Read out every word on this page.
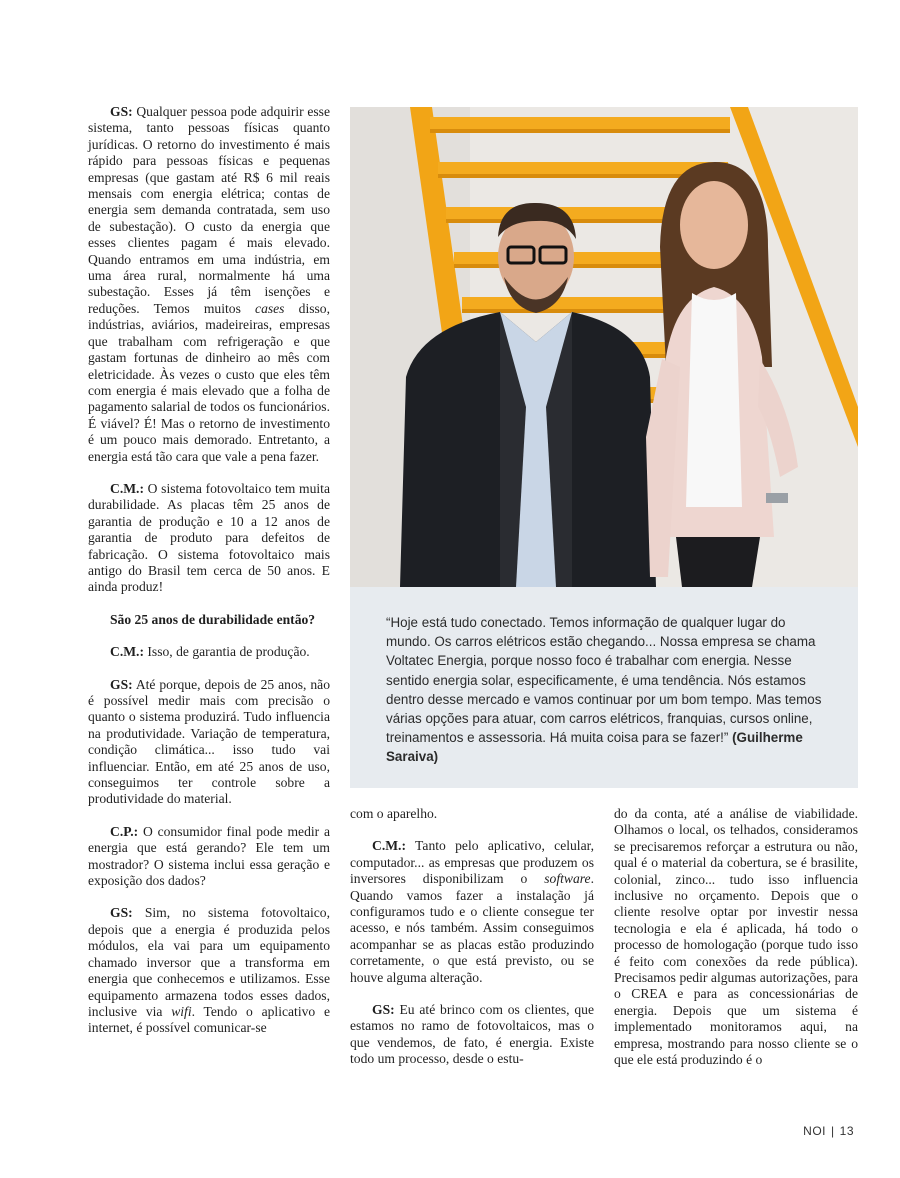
GS: Qualquer pessoa pode adquirir esse sistema, tanto pessoas físicas quanto jurídicas. O retorno do investimento é mais rápido para pessoas físicas e pequenas empresas (que gastam até R$ 6 mil reais mensais com energia elétrica; contas de energia sem demanda contratada, sem uso de subestação). O custo da energia que esses clientes pagam é mais elevado. Quando entramos em uma indústria, em uma área rural, normalmente há uma subestação. Esses já têm isenções e reduções. Temos muitos cases disso, indústrias, aviários, madeireiras, empresas que trabalham com refrigeração e que gastam fortunas de dinheiro ao mês com eletricidade. Às vezes o custo que eles têm com energia é mais elevado que a folha de pagamento salarial de todos os funcionários. É viável? É! Mas o retorno de investimento é um pouco mais demorado. Entretanto, a energia está tão cara que vale a pena fazer.

C.M.: O sistema fotovoltaico tem muita durabilidade. As placas têm 25 anos de garantia de produção e 10 a 12 anos de garantia de produto para defeitos de fabricação. O sistema fotovoltaico mais antigo do Brasil tem cerca de 50 anos. E ainda produz!

São 25 anos de durabilidade então?

C.M.: Isso, de garantia de produção.

GS: Até porque, depois de 25 anos, não é possível medir mais com precisão o quanto o sistema produzirá. Tudo influencia na produtividade. Variação de temperatura, condição climática... isso tudo vai influenciar. Então, em até 25 anos de uso, conseguimos ter controle sobre a produtividade do material.

C.P.: O consumidor final pode medir a energia que está gerando? Ele tem um mostrador? O sistema inclui essa geração e exposição dos dados?

GS: Sim, no sistema fotovoltaico, depois que a energia é produzida pelos módulos, ela vai para um equipamento chamado inversor que a transforma em energia que conhecemos e utilizamos. Esse equipamento armazena todos esses dados, inclusive via wifi. Tendo o aplicativo e internet, é possível comunicar-se

“Hoje está tudo conectado. Temos informação de qualquer lugar do mundo. Os carros elétricos estão chegando... Nossa empresa se chama Voltatec Energia, porque nosso foco é trabalhar com energia. Nesse sentido energia solar, especificamente, é uma tendência. Nós estamos dentro desse mercado e vamos continuar por um bom tempo. Mas temos várias opções para atuar, com carros elétricos, franquias, cursos online, treinamentos e assessoria. Há muita coisa para se fazer!” (Guilherme Saraiva)

com o aparelho.

C.M.: Tanto pelo aplicativo, celular, computador... as empresas que produzem os inversores disponibilizam o software. Quando vamos fazer a instalação já configuramos tudo e o cliente consegue ter acesso, e nós também. Assim conseguimos acompanhar se as placas estão produzindo corretamente, o que está previsto, ou se houve alguma alteração.

GS: Eu até brinco com os clientes, que estamos no ramo de fotovoltaicos, mas o que vendemos, de fato, é energia. Existe todo um processo, desde o estu-

do da conta, até a análise de viabilidade. Olhamos o local, os telhados, consideramos se precisaremos reforçar a estrutura ou não, qual é o material da cobertura, se é brasilite, colonial, zinco... tudo isso influencia inclusive no orçamento. Depois que o cliente resolve optar por investir nessa tecnologia e ela é aplicada, há todo o processo de homologação (porque tudo isso é feito com conexões da rede pública). Precisamos pedir algumas autorizações, para o CREA e para as concessionárias de energia. Depois que um sistema é implementado monitoramos aqui, na empresa, mostrando para nosso cliente se o que ele está produzindo é o

NOI | 13
